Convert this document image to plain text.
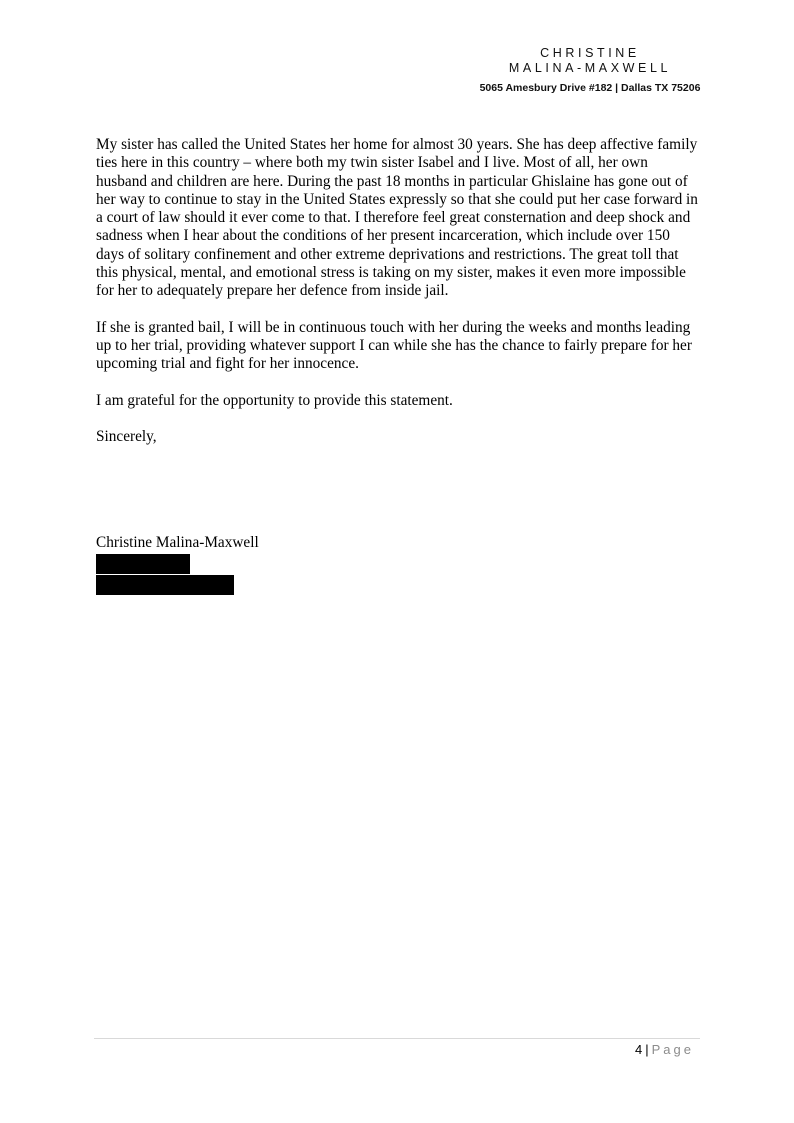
CHRISTINE

MALINA-MAXWELL

5065 Amesbury Drive #182 | Dallas TX 75206

My sister has called the United States her home for almost 30 years. She has deep affective family ties here in this country – where both my twin sister Isabel and I live. Most of all, her own husband and children are here. During the past 18 months in particular Ghislaine has gone out of her way to continue to stay in the United States expressly so that she could put her case forward in a court of law should it ever come to that. I therefore feel great consternation and deep shock and sadness when I hear about the conditions of her present incarceration, which include over 150 days of solitary confinement and other extreme deprivations and restrictions. The great toll that this physical, mental, and emotional stress is taking on my sister, makes it even more impossible for her to adequately prepare her defence from inside jail.

If she is granted bail, I will be in continuous touch with her during the weeks and months leading up to her trial, providing whatever support I can while she has the chance to fairly prepare for her upcoming trial and fight for her innocence.

I am grateful for the opportunity to provide this statement.

Sincerely,

Christine Malina-Maxwell
4 | Page
